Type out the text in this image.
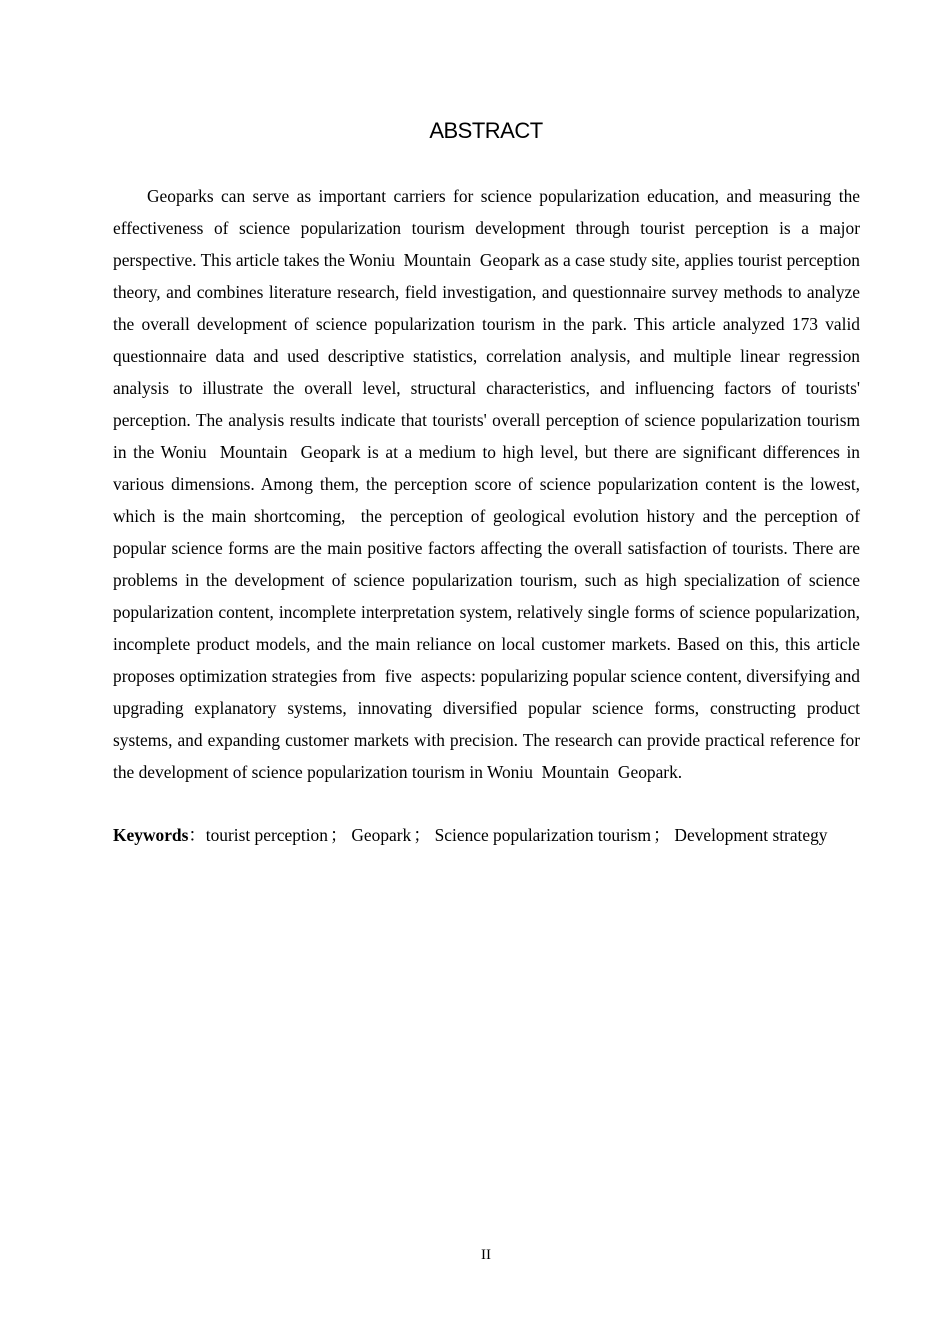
ABSTRACT

Geoparks can serve as important carriers for science popularization education, and measuring the effectiveness of science popularization tourism development through tourist perception is a major perspective. This article takes the Woniu  Mountain  Geopark as a case study site, applies tourist perception theory, and combines literature research, field investigation, and questionnaire survey methods to analyze the overall development of science popularization tourism in the park. This article analyzed 173 valid questionnaire data and used descriptive statistics, correlation analysis, and multiple linear regression analysis to illustrate the overall level, structural characteristics, and influencing factors of tourists' perception. The analysis results indicate that tourists' overall perception of science popularization tourism in the Woniu  Mountain  Geopark is at a medium to high level, but there are significant differences in various dimensions. Among them, the perception score of science popularization content is the lowest, which is the main shortcoming,  the perception of geological evolution history and the perception of popular science forms are the main positive factors affecting the overall satisfaction of tourists. There are problems in the development of science popularization tourism, such as high specialization of science popularization content, incomplete interpretation system, relatively single forms of science popularization, incomplete product models, and the main reliance on local customer markets. Based on this, this article proposes optimization strategies from  five  aspects: popularizing popular science content, diversifying and upgrading explanatory systems, innovating diversified popular science forms, constructing product systems, and expanding customer markets with precision. The research can provide practical reference for the development of science popularization tourism in Woniu  Mountain  Geopark.

Keywords：tourist perception ； Geopark ； Science popularization tourism ； Development strategy

II
